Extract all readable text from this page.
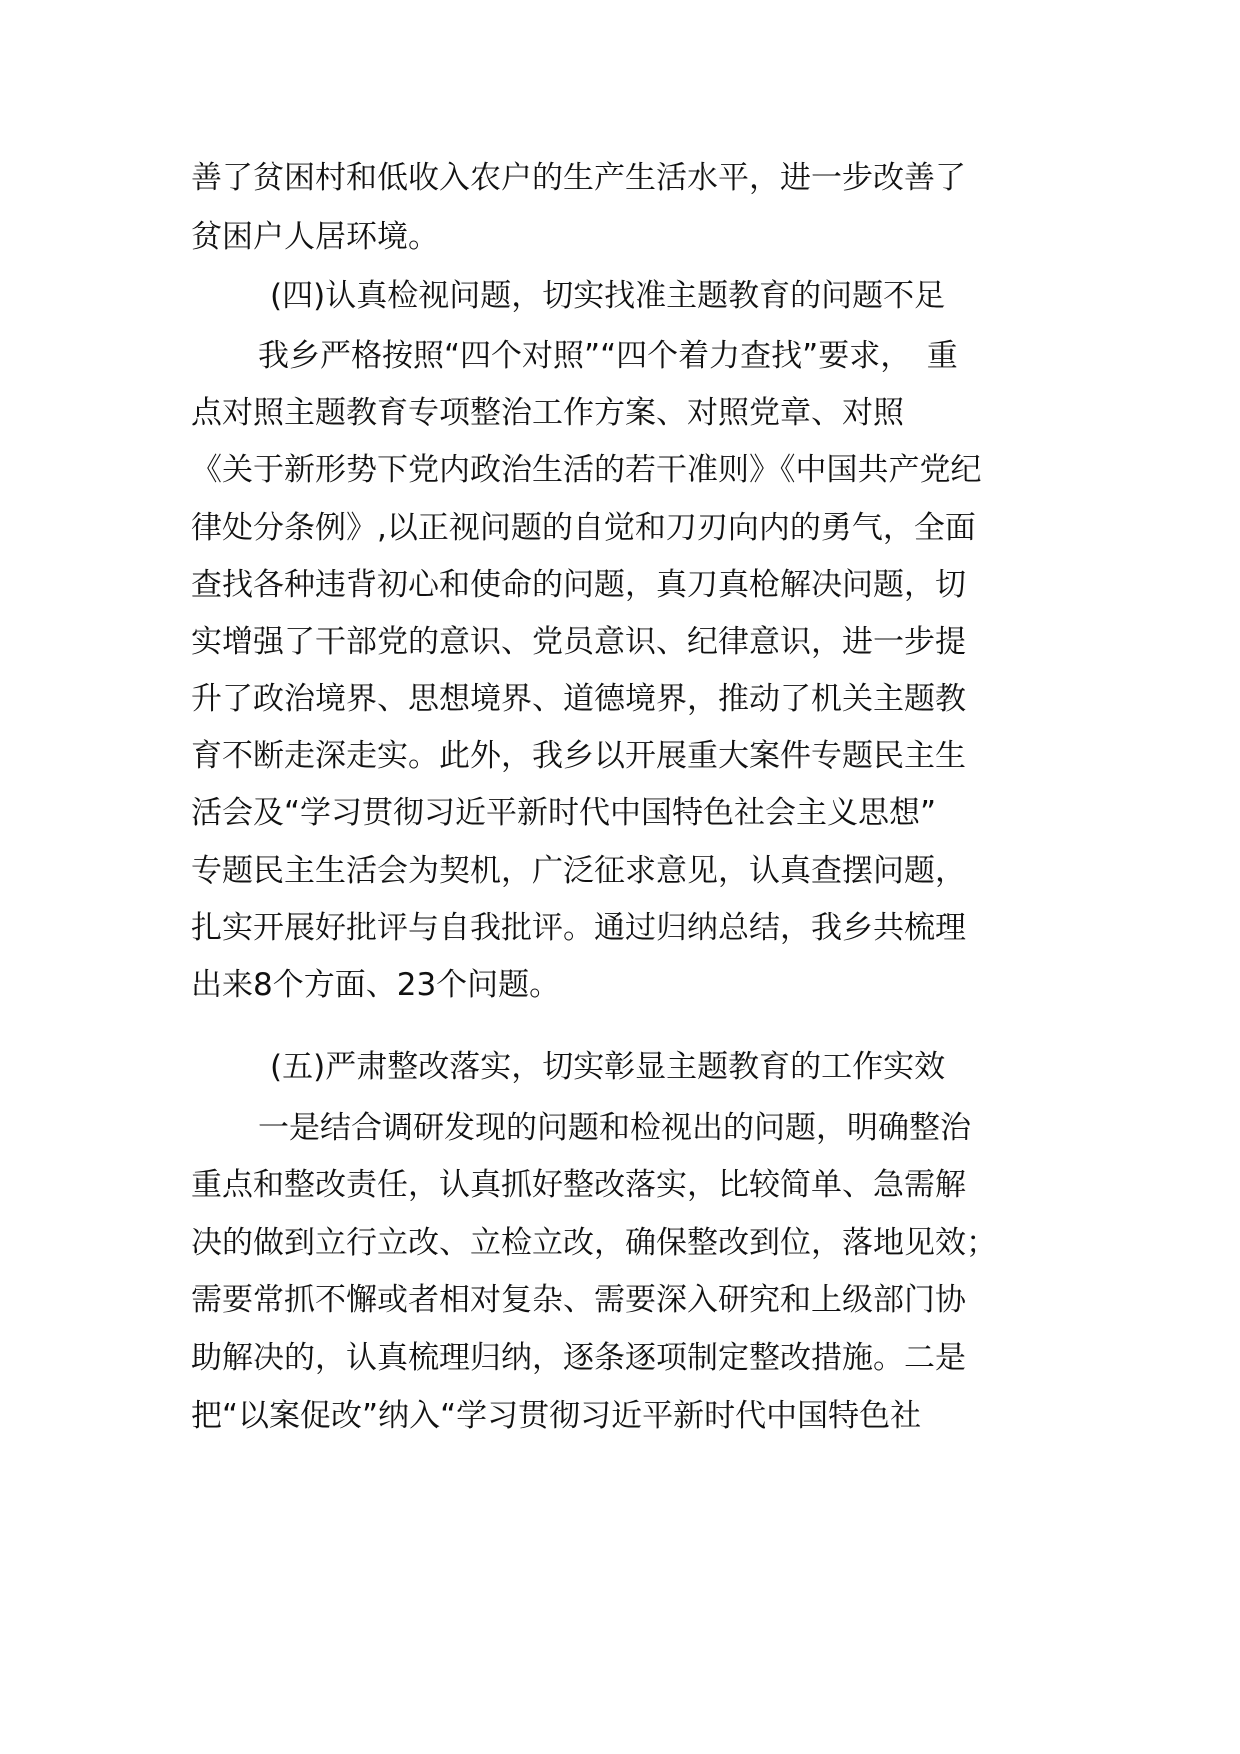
善了贫困村和低收入农户的生产生活水平，进一步改善了
贫困户人居环境。
(四)认真检视问题，切实找准主题教育的问题不足
我乡严格按照“四个对照”“四个着力查找”要求，　重
点对照主题教育专项整治工作方案、对照党章、对照
《关于新形势下党内政治生活的若干准则》《中国共产党纪
律处分条例》,以正视问题的自觉和刀刃向内的勇气，全面
查找各种违背初心和使命的问题，真刀真枪解决问题，切
实增强了干部党的意识、党员意识、纪律意识，进一步提
升了政治境界、思想境界、道德境界，推动了机关主题教
育不断走深走实。此外，我乡以开展重大案件专题民主生
活会及“学习贯彻习近平新时代中国特色社会主义思想”
专题民主生活会为契机，广泛征求意见，认真查摆问题，
扎实开展好批评与自我批评。通过归纳总结，我乡共梳理
出来8个方面、23个问题。
(五)严肃整改落实，切实彰显主题教育的工作实效
一是结合调研发现的问题和检视出的问题，明确整治
重点和整改责任，认真抓好整改落实，比较简单、急需解
决的做到立行立改、立检立改，确保整改到位，落地见效；
需要常抓不懈或者相对复杂、需要深入研究和上级部门协
助解决的，认真梳理归纳，逐条逐项制定整改措施。二是
把“以案促改”纳入“学习贯彻习近平新时代中国特色社
